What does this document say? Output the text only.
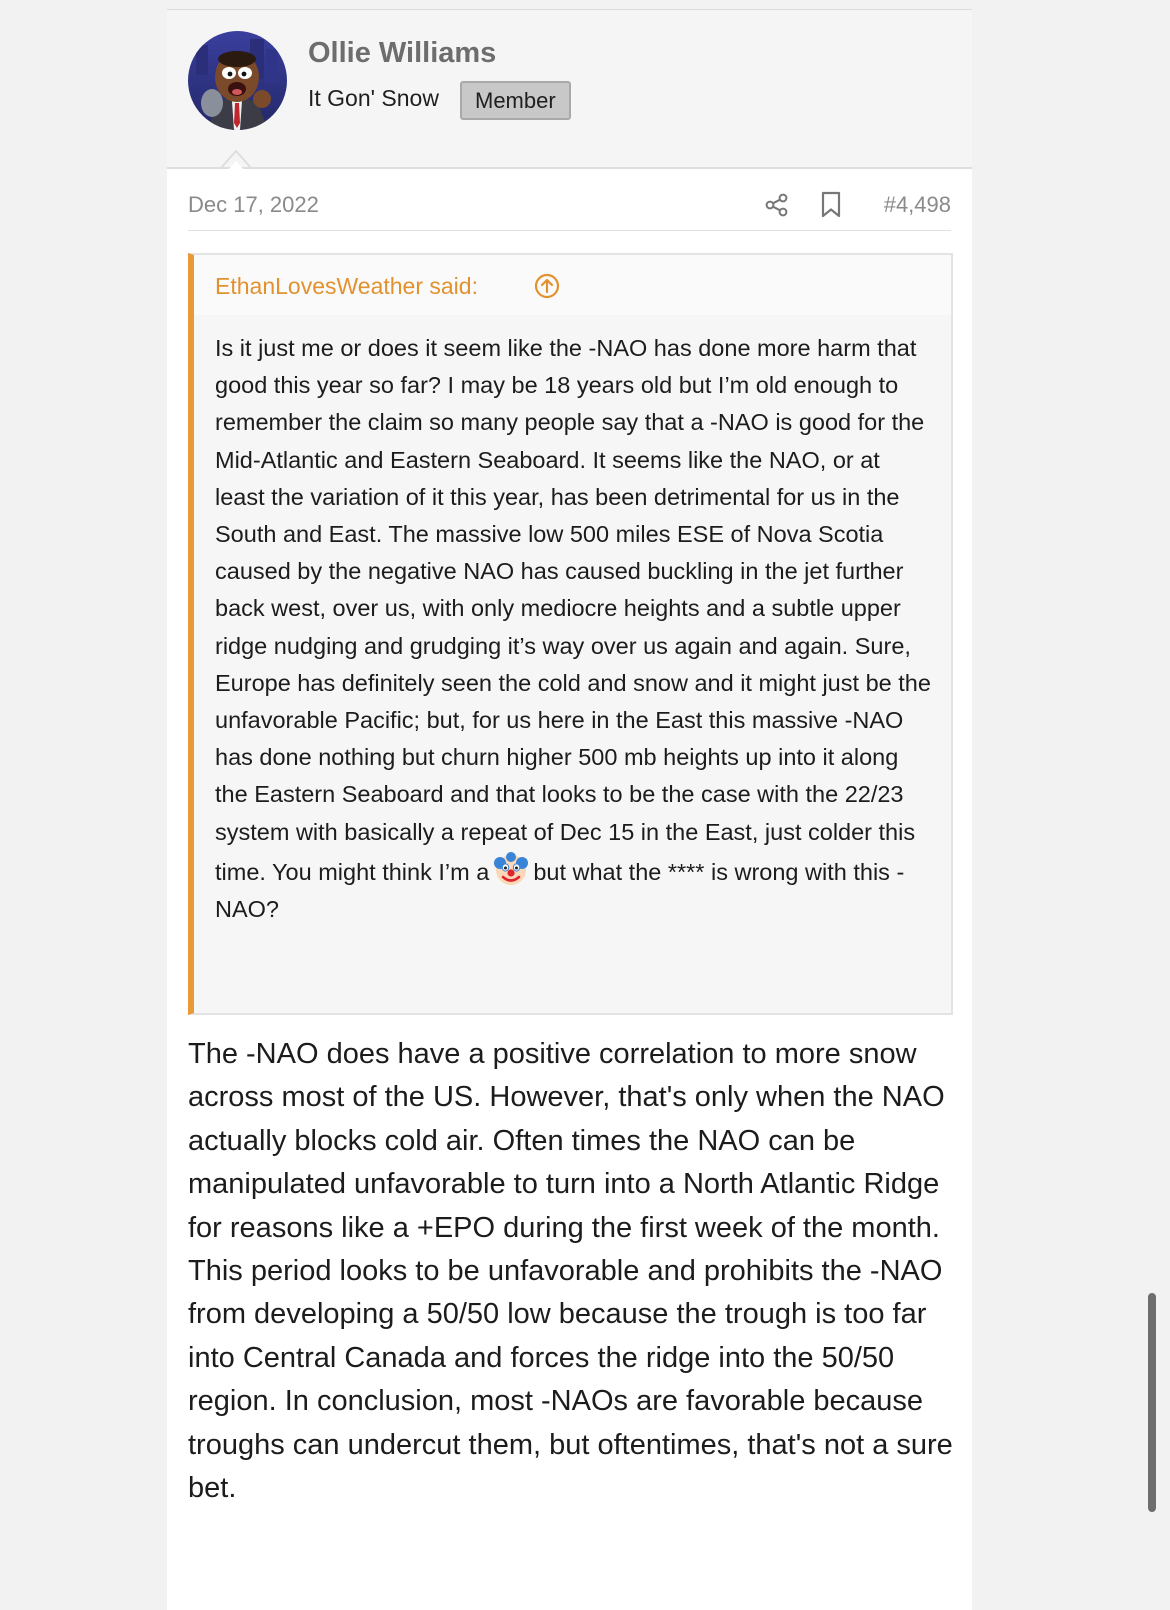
Ollie Williams
It Gon' Snow	Member
Dec 17, 2022	#4,498
EthanLovesWeather said:
Is it just me or does it seem like the -NAO has done more harm that good this year so far? I may be 18 years old but I’m old enough to remember the claim so many people say that a -NAO is good for the Mid-Atlantic and Eastern Seaboard. It seems like the NAO, or at least the variation of it this year, has been detrimental for us in the South and East. The massive low 500 miles ESE of Nova Scotia caused by the negative NAO has caused buckling in the jet further back west, over us, with only mediocre heights and a subtle upper ridge nudging and grudging it’s way over us again and again. Sure, Europe has definitely seen the cold and snow and it might just be the unfavorable Pacific; but, for us here in the East this massive -NAO has done nothing but churn higher 500 mb heights up into it along the Eastern Seaboard and that looks to be the case with the 22/23 system with basically a repeat of Dec 15 in the East, just colder this time. You might think I’m a but what the **** is wrong with this -NAO?
The -NAO does have a positive correlation to more snow across most of the US. However, that's only when the NAO actually blocks cold air. Often times the NAO can be manipulated unfavorable to turn into a North Atlantic Ridge for reasons like a +EPO during the first week of the month. This period looks to be unfavorable and prohibits the -NAO from developing a 50/50 low because the trough is too far into Central Canada and forces the ridge into the 50/50 region. In conclusion, most -NAOs are favorable because troughs can undercut them, but oftentimes, that's not a sure bet.
